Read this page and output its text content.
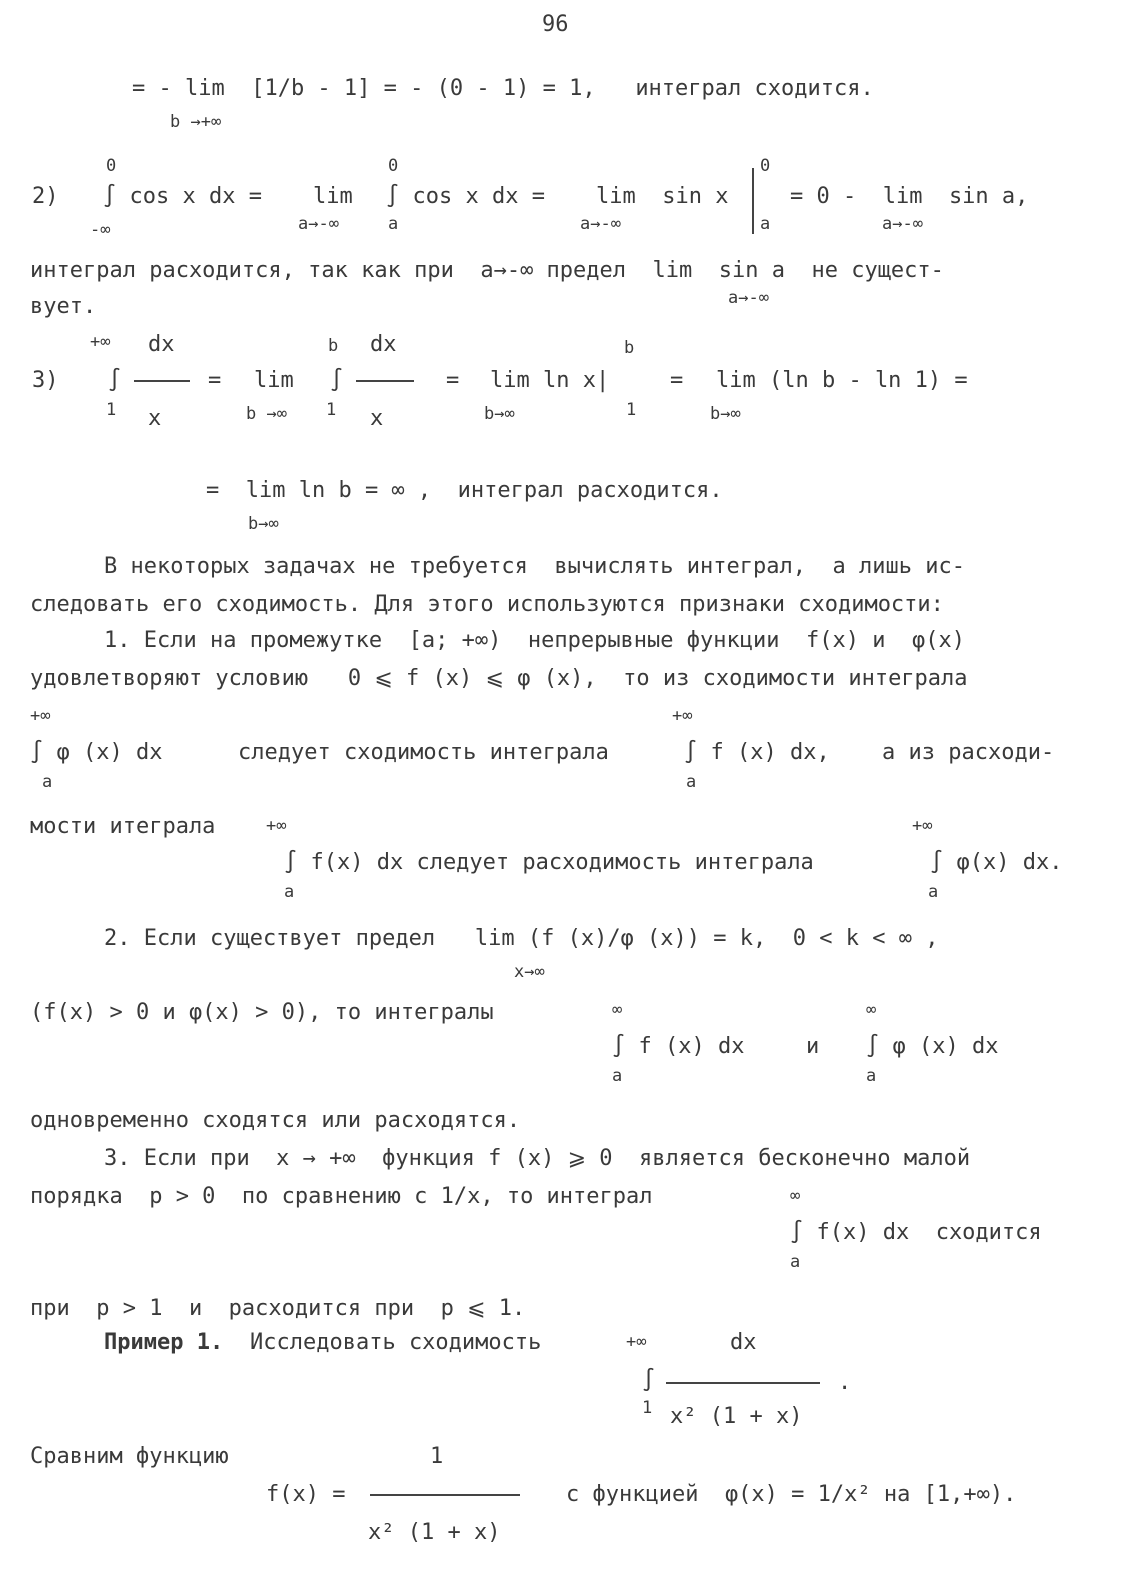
96
= - lim  [1/b - 1] = - (0 - 1) = 1,   интеграл сходится.
b →+∞
2)
0
∫ cos x dx =
-∞
lim
a→-∞
0
∫ cos x dx =
a
lim  sin x
a→-∞
0
a
= 0 -  lim  sin a,
a→-∞
интеграл расходится, так как при  a→-∞ предел  lim  sin a  не сущест-
a→-∞
вует.
3)
+∞
∫
1
dx
x
= lim
b →∞
b
∫
1
dx
x
= lim ln x|
b→∞
b
1
= lim (ln b - ln 1) =
b→∞
=  lim ln b = ∞ ,  интеграл расходится.
b→∞
В некоторых задачах не требуется  вычислять интеграл,  а лишь ис-
следовать его сходимость. Для этого используются признаки сходимости:
1. Если на промежутке  [a; +∞)  непрерывные функции  f(x) и  φ(x)
удовлетворяют условию   0 ⩽ f (x) ⩽ φ (x),  то из сходимости интеграла
+∞
∫ φ (x) dx
a
следует сходимость интеграла
+∞
∫ f (x) dx,
a
а из расходи-
мости итеграла	+∞
∫ f(x) dx следует расходимость интеграла
a
+∞
∫ φ(x) dx.
a
2. Если существует предел   lim (f (x)/φ (x)) = k,  0 < k < ∞ ,
x→∞
(f(x) > 0 и φ(x) > 0), то интегралы	∞
∫ f (x) dx
a
и
∞
∫ φ (x) dx
a
одновременно сходятся или расходятся.
3. Если при  x → +∞  функция f (x) ⩾ 0  является бесконечно малой
порядка  p > 0  по сравнению с 1/x, то интеграл	∞
∫ f(x) dx  сходится
a
при  p > 1  и  расходится при  p ⩽ 1.
Пример 1. Исследовать сходимость	+∞
∫
1
dx
x² (1 + x)
.
Сравним функцию	1
f(x) =
x² (1 + x)
с функцией  φ(x) = 1/x² на [1,+∞).
